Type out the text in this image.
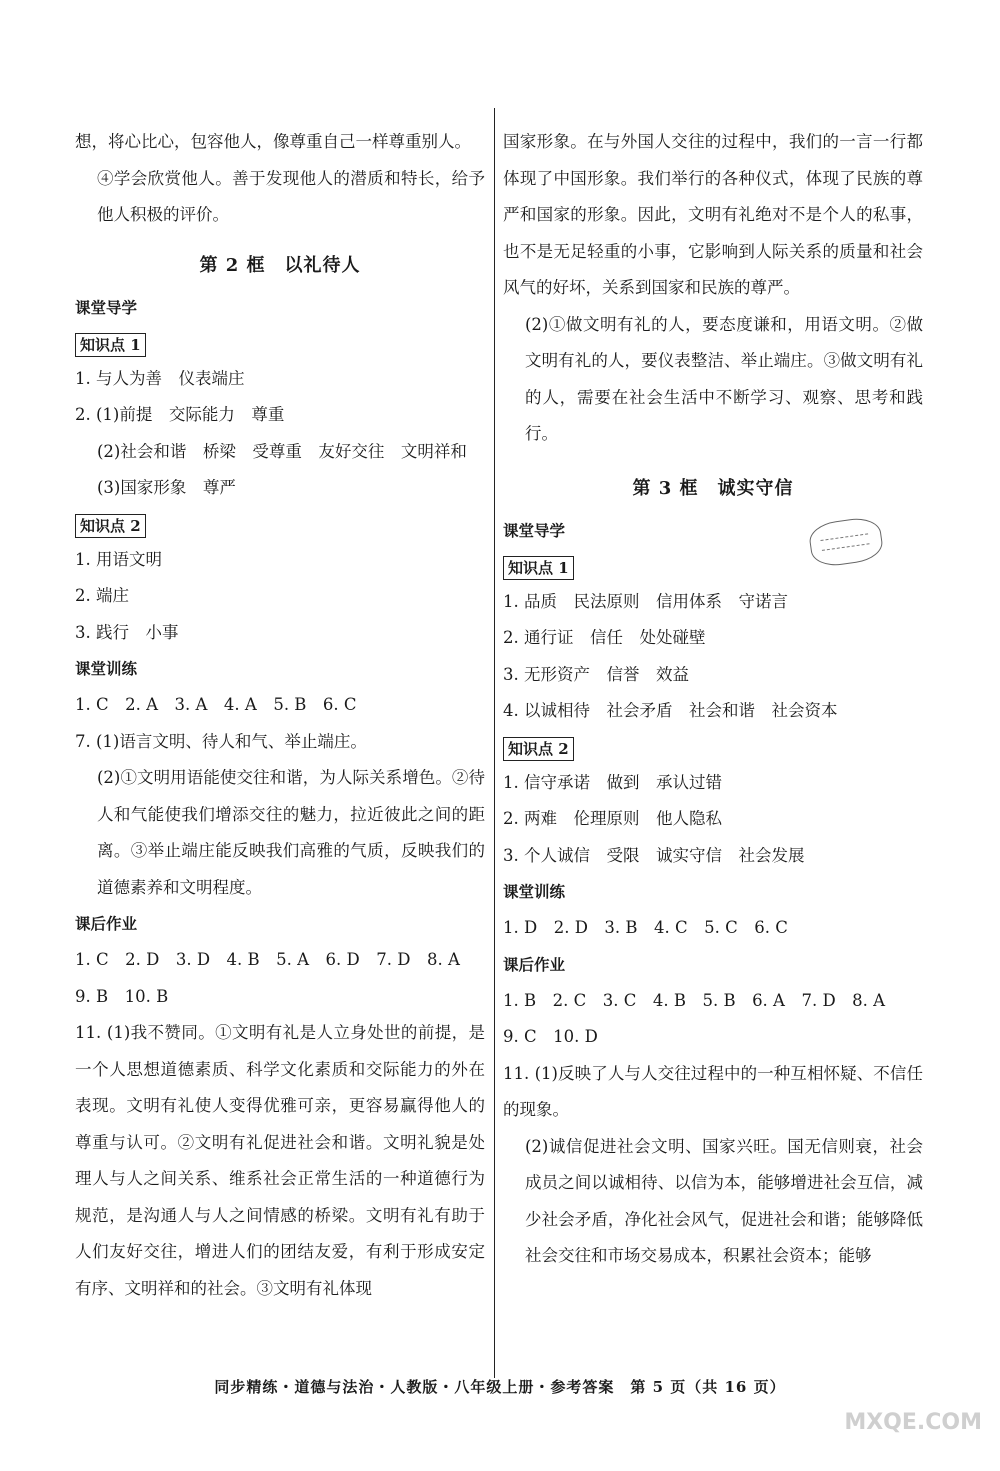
想，将心比心，包容他人，像尊重自己一样尊重别人。

④学会欣赏他人。善于发现他人的潜质和特长，给予他人积极的评价。

第 2 框　以礼待人
课堂导学
知识点 1

1. 与人为善　仪表端庄

2. (1)前提　交际能力　尊重

(2)社会和谐　桥梁　受尊重　友好交往　文明祥和

(3)国家形象　尊严

知识点 2

1. 用语文明

2. 端庄

3. 践行　小事

课堂训练

1. C　2. A　3. A　4. A　5. B　6. C

7. (1)语言文明、待人和气、举止端庄。

(2)①文明用语能使交往和谐，为人际关系增色。②待人和气能使我们增添交往的魅力，拉近彼此之间的距离。③举止端庄能反映我们高雅的气质，反映我们的道德素养和文明程度。

课后作业

1. C　2. D　3. D　4. B　5. A　6. D　7. D　8. A

9. B　10. B

11. (1)我不赞同。①文明有礼是人立身处世的前提，是一个人思想道德素质、科学文化素质和交际能力的外在表现。文明有礼使人变得优雅可亲，更容易赢得他人的尊重与认可。②文明有礼促进社会和谐。文明礼貌是处理人与人之间关系、维系社会正常生活的一种道德行为规范，是沟通人与人之间情感的桥梁。文明有礼有助于人们友好交往，增进人们的团结友爱，有利于形成安定有序、文明祥和的社会。③文明有礼体现

国家形象。在与外国人交往的过程中，我们的一言一行都体现了中国形象。我们举行的各种仪式，体现了民族的尊严和国家的形象。因此，文明有礼绝对不是个人的私事，也不是无足轻重的小事，它影响到人际关系的质量和社会风气的好坏，关系到国家和民族的尊严。

(2)①做文明有礼的人，要态度谦和，用语文明。②做文明有礼的人，要仪表整洁、举止端庄。③做文明有礼的人，需要在社会生活中不断学习、观察、思考和践行。

第 3 框　诚实守信
课堂导学
知识点 1

1. 品质　民法原则　信用体系　守诺言

2. 通行证　信任　处处碰壁

3. 无形资产　信誉　效益

4. 以诚相待　社会矛盾　社会和谐　社会资本

知识点 2

1. 信守承诺　做到　承认过错

2. 两难　伦理原则　他人隐私

3. 个人诚信　受限　诚实守信　社会发展

课堂训练

1. D　2. D　3. B　4. C　5. C　6. C

课后作业

1. B　2. C　3. C　4. B　5. B　6. A　7. D　8. A

9. C　10. D

11. (1)反映了人与人交往过程中的一种互相怀疑、不信任的现象。

(2)诚信促进社会文明、国家兴旺。国无信则衰，社会成员之间以诚相待、以信为本，能够增进社会互信，减少社会矛盾，净化社会风气，促进社会和谐；能够降低社会交往和市场交易成本，积累社会资本；能够

同步精练・道德与法治・人教版・八年级上册・参考答案　第 5 页（共 16 页）
MXQE.COM
